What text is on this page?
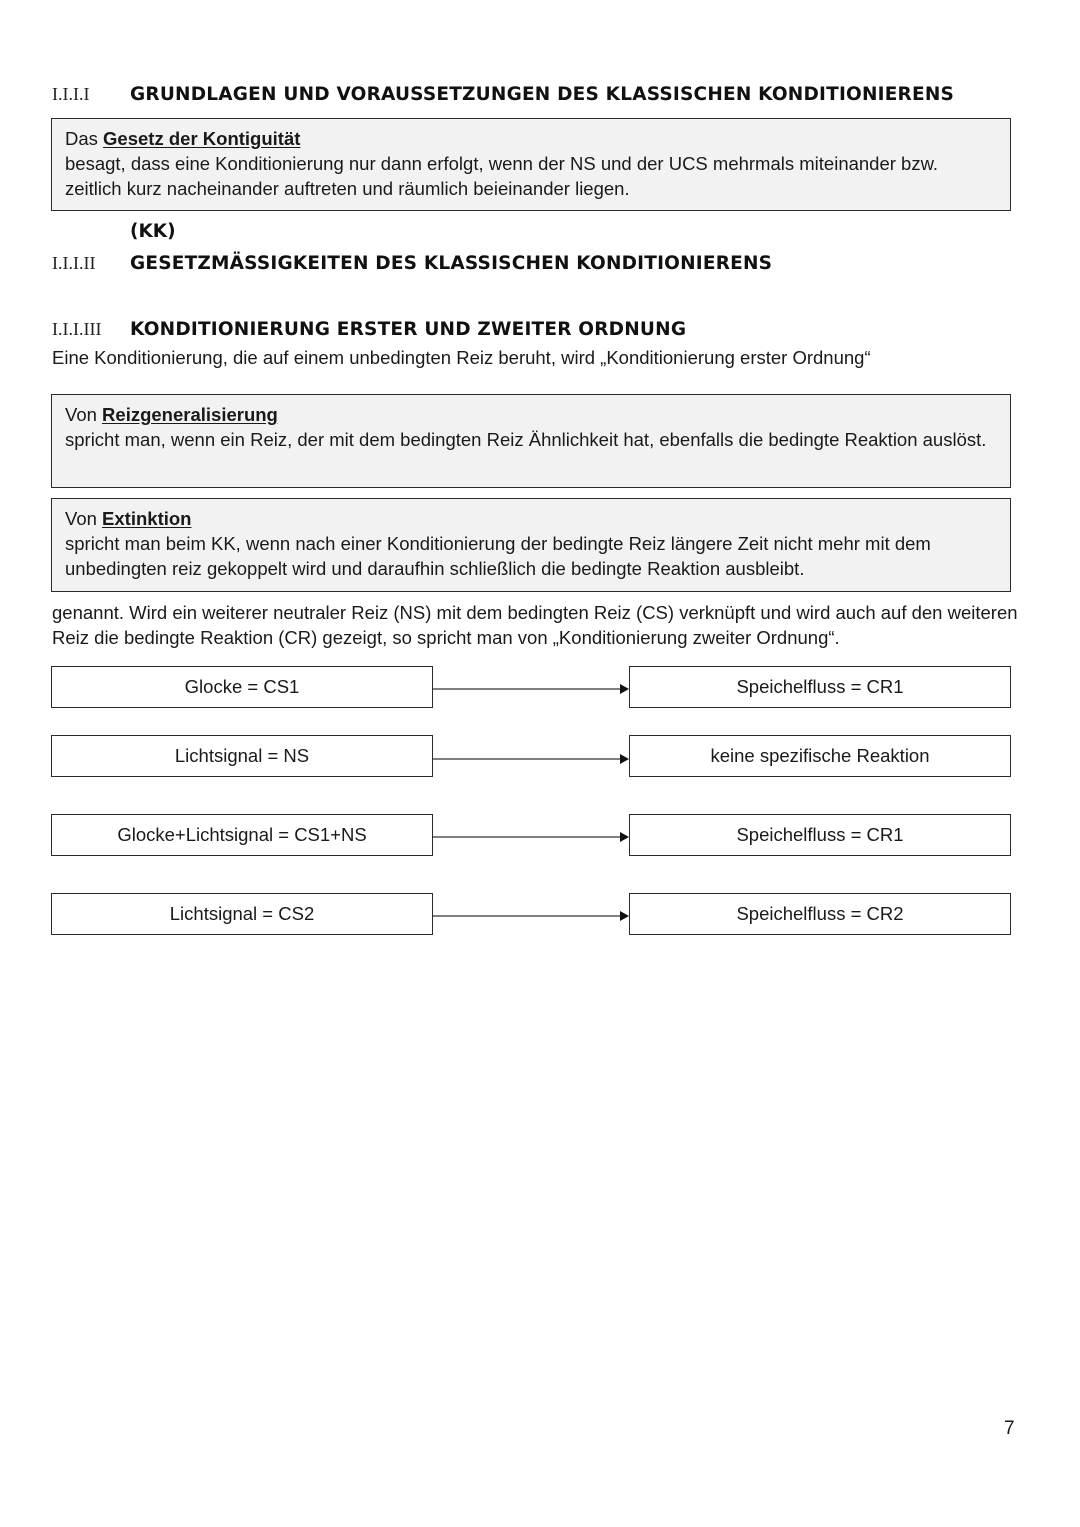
I.I.I.I	GRUNDLAGEN UND VORAUSSETZUNGEN DES KLASSISCHEN KONDITIONIERENS
Das Gesetz der Kontiguität
besagt, dass eine Konditionierung nur dann erfolgt, wenn der NS und der UCS mehrmals miteinander bzw. zeitlich kurz nacheinander auftreten und räumlich beieinander liegen.
(KK)
I.I.I.II	GESETZMÄSSIGKEITEN DES KLASSISCHEN KONDITIONIERENS
I.I.I.III	KONDITIONIERUNG ERSTER UND ZWEITER ORDNUNG
Eine Konditionierung, die auf einem unbedingten Reiz beruht, wird „Konditionierung erster Ordnung“
Von Reizgeneralisierung
spricht man, wenn ein Reiz, der mit dem bedingten Reiz Ähnlichkeit hat, ebenfalls die bedingte Reaktion auslöst.
Von Extinktion
spricht man beim KK, wenn nach einer Konditionierung der bedingte Reiz längere Zeit nicht mehr mit dem unbedingten reiz gekoppelt wird und daraufhin schließlich die bedingte Reaktion ausbleibt.
genannt. Wird ein weiterer neutraler Reiz (NS) mit dem bedingten Reiz (CS) verknüpft und wird auch auf den weiteren Reiz die bedingte Reaktion (CR) gezeigt, so spricht man von „Konditionierung zweiter Ordnung“.
Glocke = CS1	Speichelfluss = CR1
Lichtsignal = NS	keine spezifische Reaktion
Glocke+Lichtsignal = CS1+NS	Speichelfluss = CR1
Lichtsignal = CS2	Speichelfluss = CR2
7
